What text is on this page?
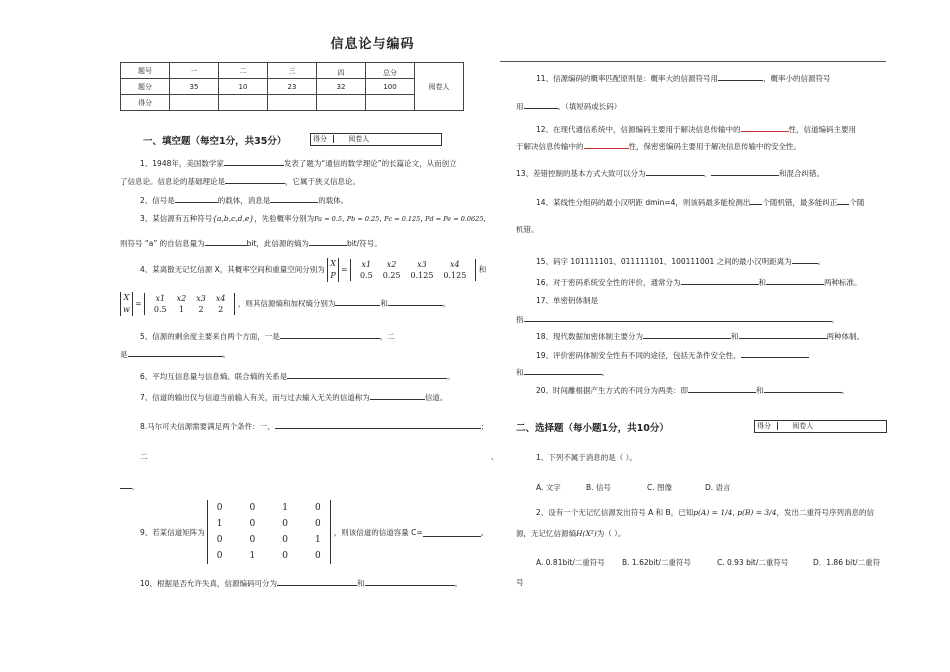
信息论与编码
题号	一	二	三	四	总分	阅卷人
题分	35	10	23	32	100	
得分						
一、填空题（每空1分，共35分）	得分	阅卷人
1、1948年，美国数学家	发表了题为“通信的数学理论”的长篇论文，从而创立
了信息论。信息论的基础理论是	，它属于狭义信息论。
2、信号是	的载体，消息是	的载体。
3、某信源有五种符号{a,b,c,d,e}，先验概率分别为Pa = 0.5, Pb = 0.25, Pc = 0.125, Pd = Pe = 0.0625,
则符号 “a” 的自信息量为	bit，此信源的熵为	bit/符号。
4、某离散无记忆信源 X，其概率空间和重量空间分别为 X
P =
x1	x2	x3	x4
0.5	0.25	0.125	0.125
和
X
w =
x1	x2	x3	x4
0.5	1	2	2
，则其信源熵和加权熵分别为	和	。
5、信源的剩余度主要来自两个方面，一是	，二
是	。
6、平均互信息量与信息熵、联合熵的关系是	。
7、信道的输出仅与信道当前输入有关，而与过去输入无关的信道称为	信道。
8.马尔可夫信源需要满足两个条件：一、	；
二	、
。
9、若某信道矩阵为
0	0	1	0
1	0	0	0
0	0	0	1
0	1	0	0
，则该信道的信道容量 C=	。
10、根据是否允许失真，信源编码可分为	和	。
11、信源编码的概率匹配原则是：概率大的信源符号用	，概率小的信源符号
用	。（填短码或长码）
12、在现代通信系统中，信源编码主要用于解决信息传输中的	性，信道编码主要用
于解决信息传输中的	性，保密密编码主要用于解决信息传输中的安全性。
13、差错控制的基本方式大致可以分为	、	和混合纠错。
14、某线性分组码的最小汉明距 dmin=4，则该码最多能检测出 个随机错，最多能纠正 个随
机错。
15、码字 101111101、011111101、100111001 之间的最小汉明距离为	。
16、对于密码系统安全性的评价，通常分为	和	两种标准。
17、单密钥体制是
指	。
18、现代数据加密体制主要分为	和	两种体制。
19、评价密码体制安全性有不同的途径，包括无条件安全性、
和	。
20、时间離根据产生方式的不同分为两类：即	和	。
二、选择题（每小题1分，共10分）	得分	阅卷人
1、下列不属于消息的是（ ）。
A. 文字	B. 信号	C. 图像	D. 语言
2、设有一个无记忆信源发出符号 A 和 B，已知p(A) = 1/4, p(B) = 3/4，发出二重符号序列消息的信
源，无记忆信源熵H(X²)为（ ）。
A. 0.81bit/二重符号 B. 1.62bit/二重符号	C. 0.93 bit/二重符号	D．1.86 bit/二重符
号
